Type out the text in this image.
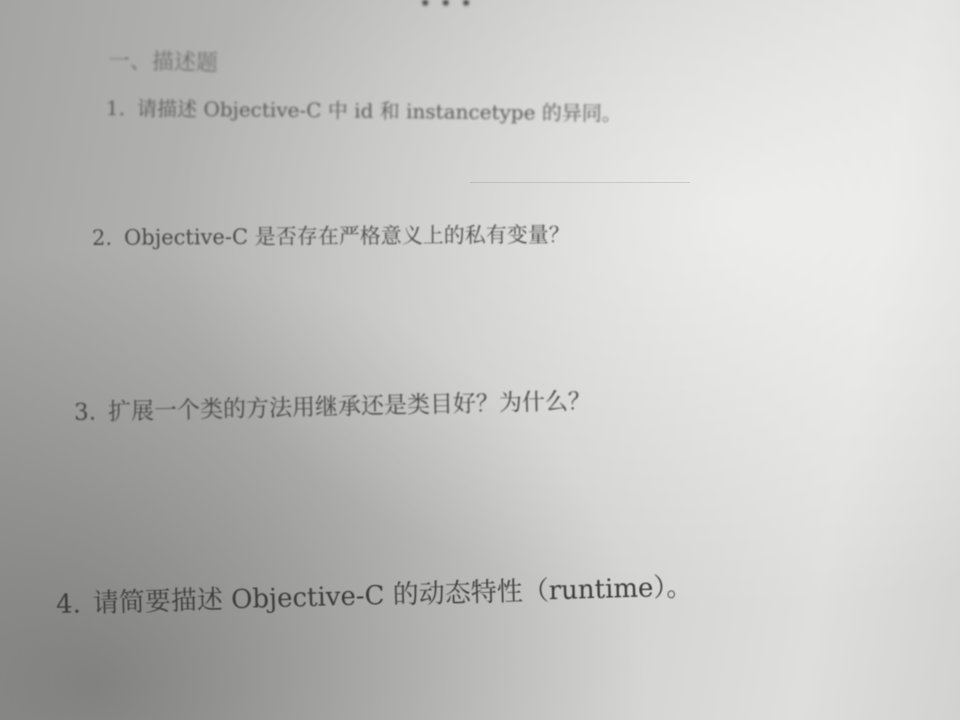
一、描述题
1. 请描述 Objective-C 中 id 和 instancetype 的异同。
2. Objective-C 是否存在严格意义上的私有变量？
3. 扩展一个类的方法用继承还是类目好？为什么？
4. 请简要描述 Objective-C 的动态特性（runtime）。
